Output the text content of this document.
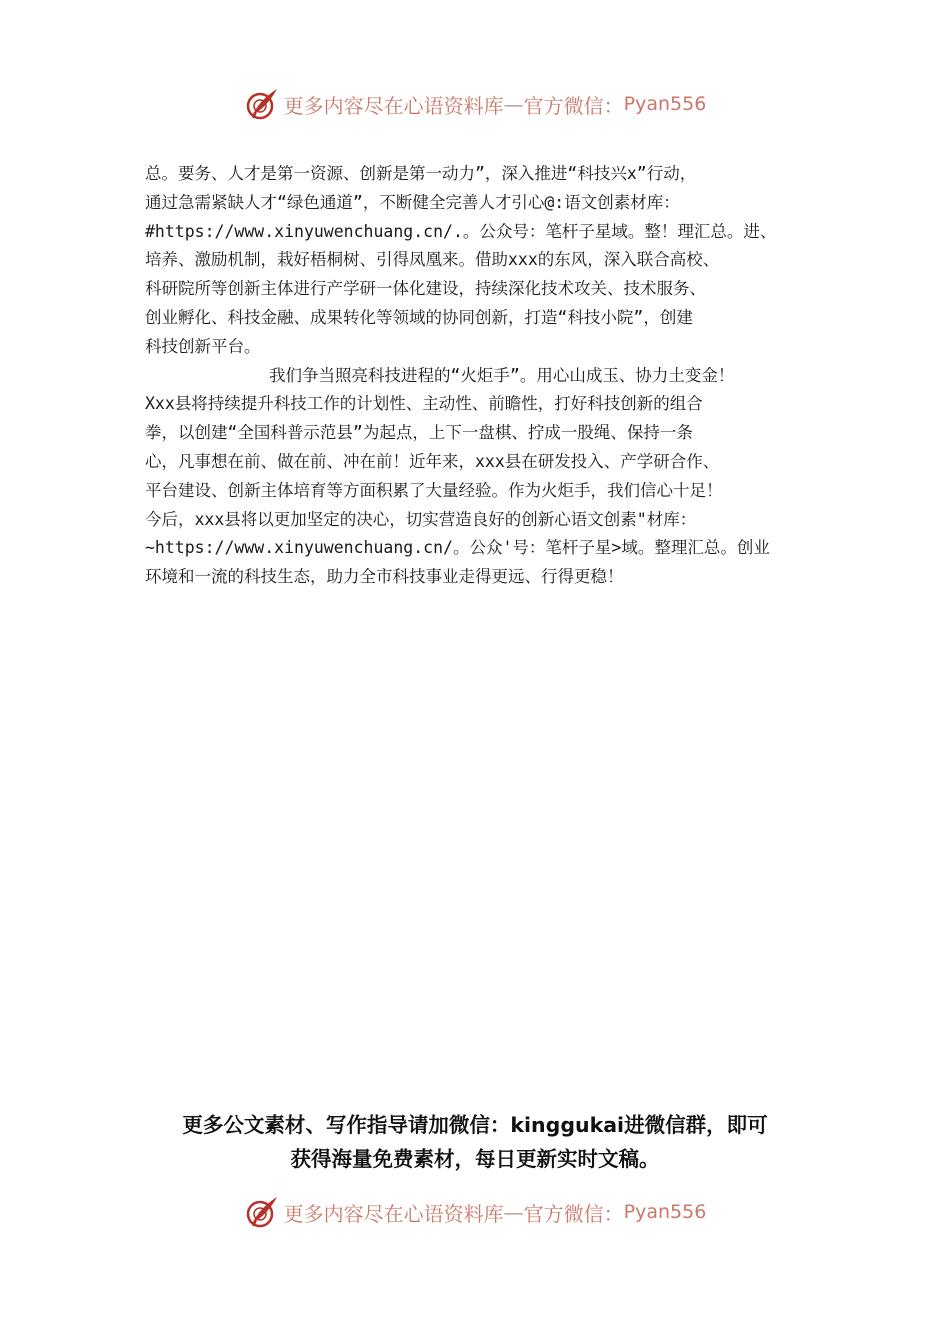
更多内容尽在心语资料库 — 官方微信： Pyan556

总。要务、人才是第一资源、创新是第一动力”，深入推进“科技兴x”行动，

通过急需紧缺人才“绿色通道”，不断健全完善人才引心@:语文创素材库：

#https://www.xinyuwenchuang.cn/.。公众号：笔杆子星域。整！理汇总。进、

培养、激励机制，栽好梧桐树、引得凤凰来。借助xxx的东风，深入联合高校、

科研院所等创新主体进行产学研一体化建设，持续深化技术攻关、技术服务、

创业孵化、科技金融、成果转化等领域的协同创新，打造“科技小院”，创建

科技创新平台。

我们争当照亮科技进程的“火炬手”。用心山成玉、协力土变金！

Xxx县将持续提升科技工作的计划性、主动性、前瞻性，打好科技创新的组合

拳，以创建“全国科普示范县”为起点，上下一盘棋、拧成一股绳、保持一条

心，凡事想在前、做在前、冲在前！近年来，xxx县在研发投入、产学研合作、

平台建设、创新主体培育等方面积累了大量经验。作为火炬手，我们信心十足！

今后，xxx县将以更加坚定的决心，切实营造良好的创新心语文创素"材库：

~https://www.xinyuwenchuang.cn/。公众'号：笔杆子星>域。整理汇总。创业

环境和一流的科技生态，助力全市科技事业走得更远、行得更稳！

更多公文素材、写作指导请加微信：kinggukai进微信群，即可
获得海量免费素材，每日更新实时文稿。
更多内容尽在心语资料库 — 官方微信： Pyan556
